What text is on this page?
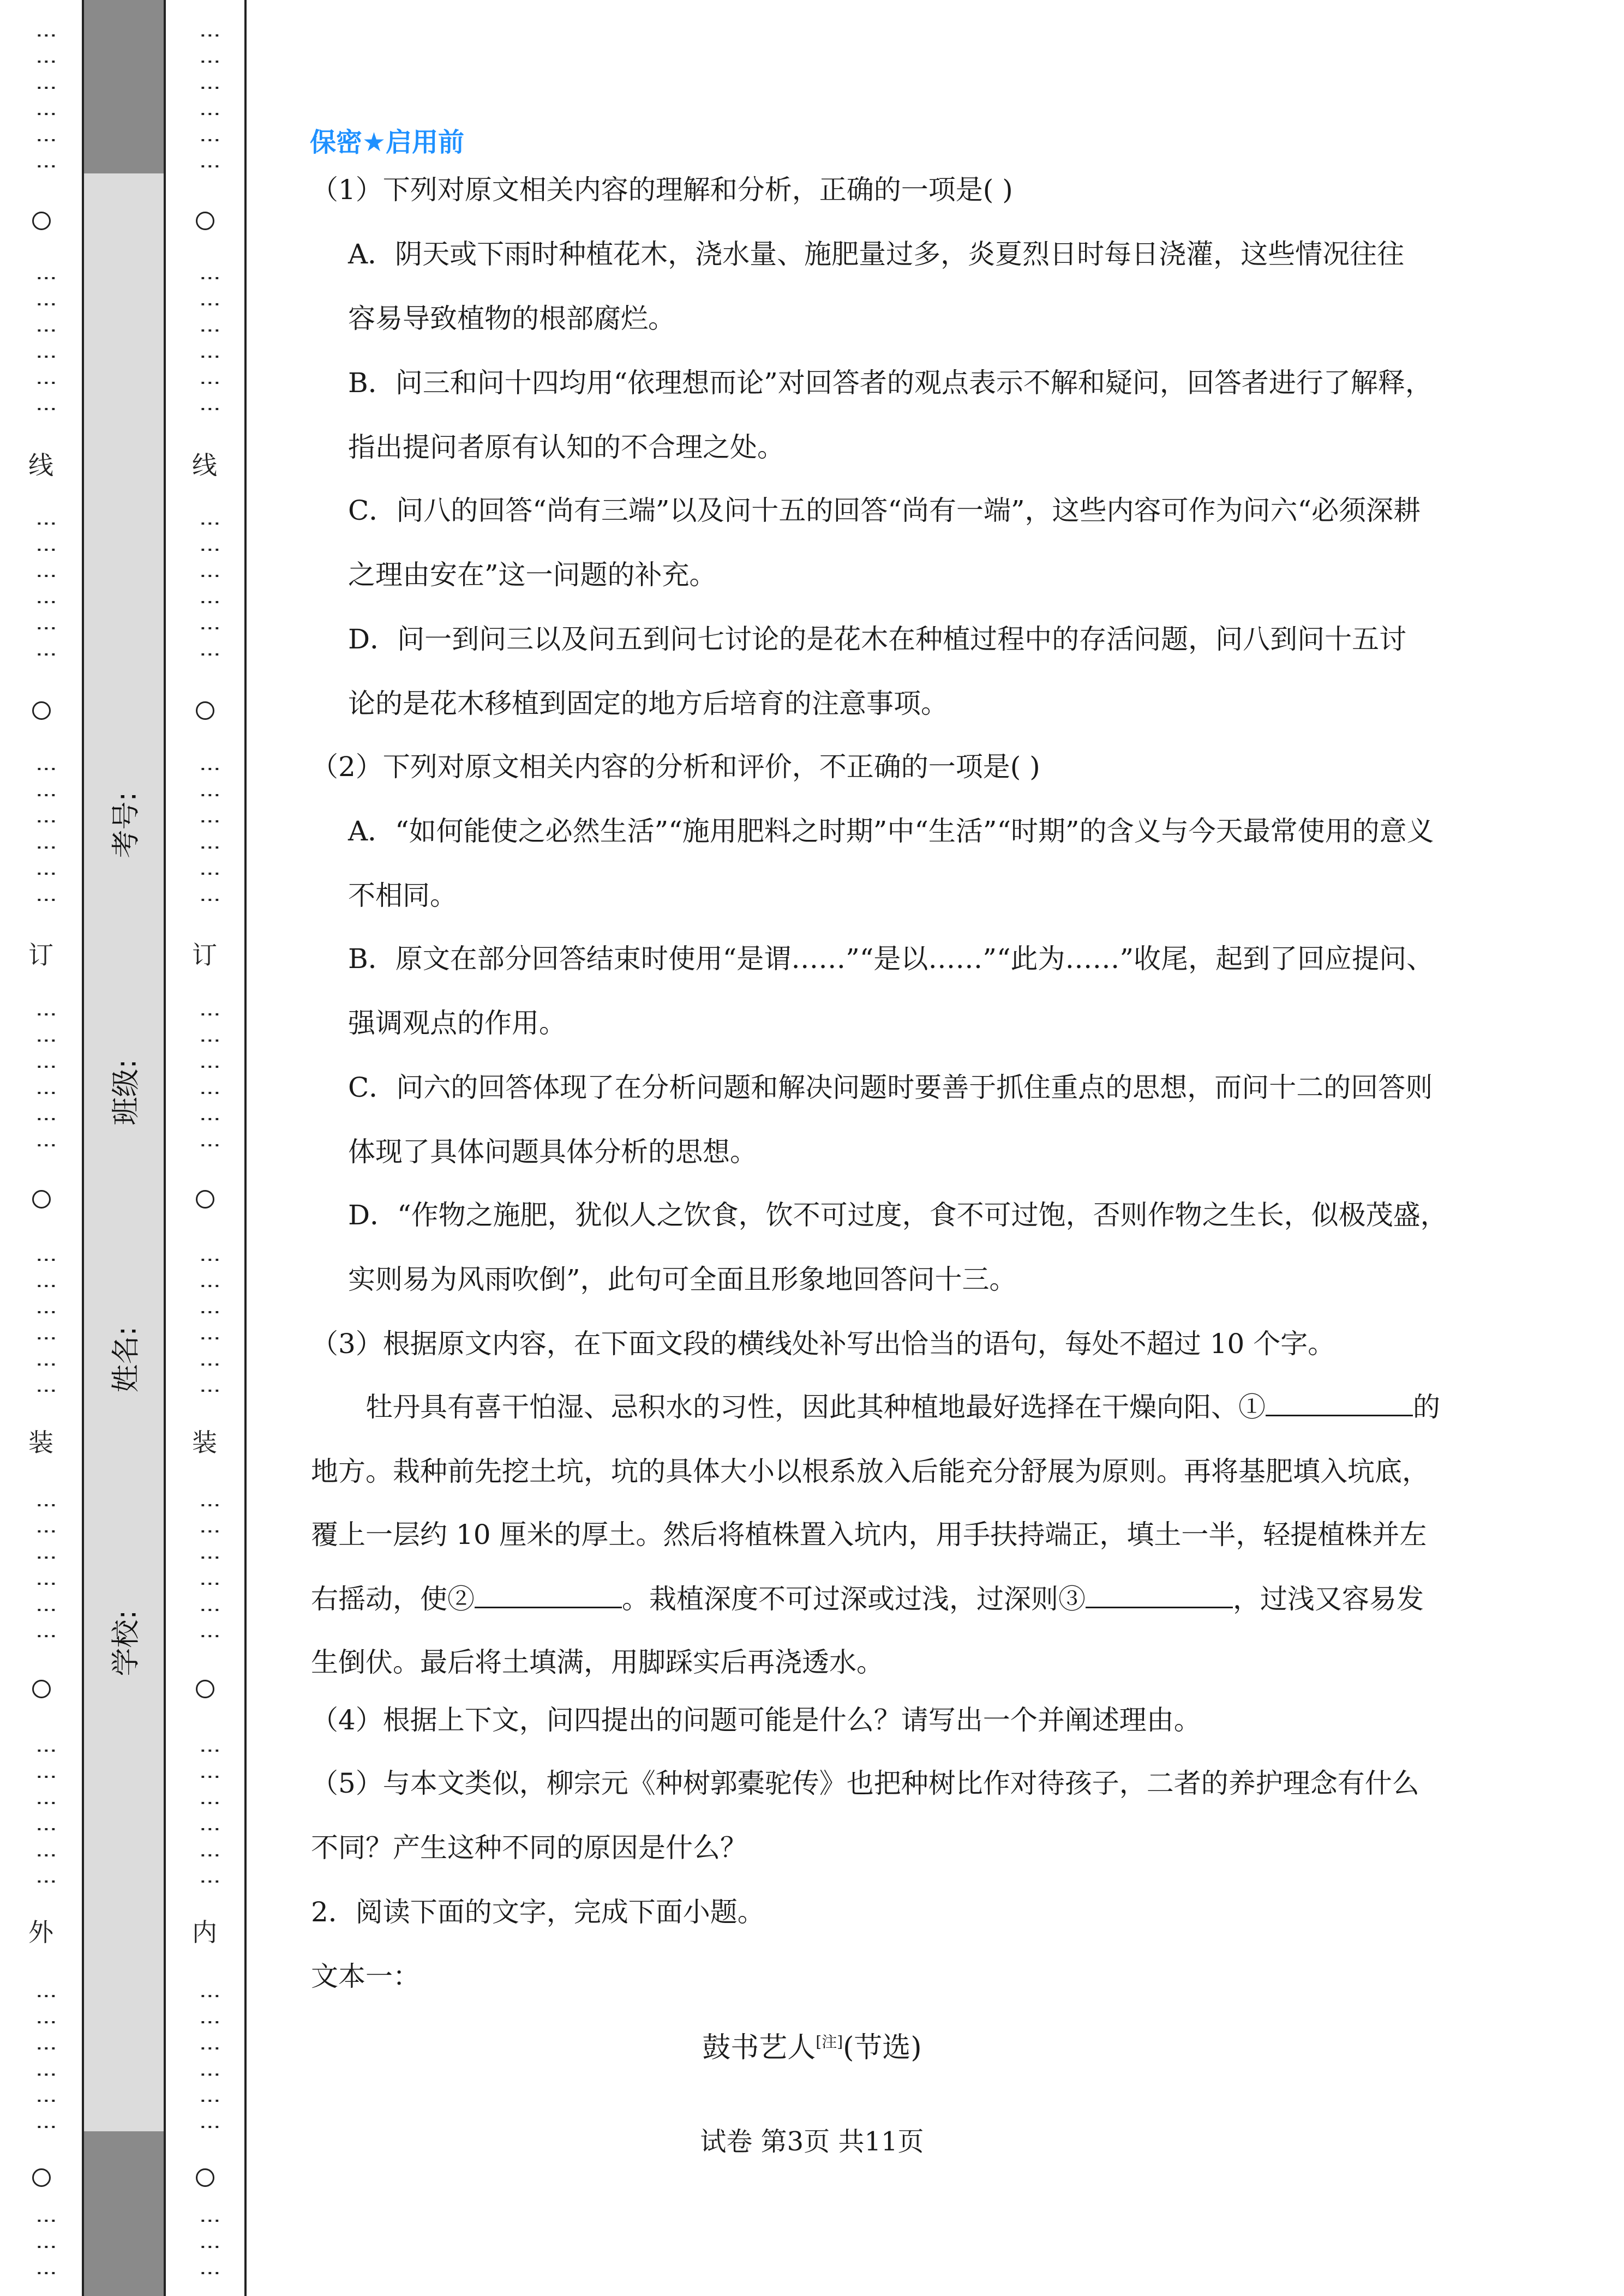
⋮⋮⋮⋮⋮⋮
⋮⋮⋮⋮⋮⋮
线
⋮⋮⋮⋮⋮⋮
⋮⋮⋮⋮⋮⋮
订
⋮⋮⋮⋮⋮⋮
⋮⋮⋮⋮⋮⋮
装
⋮⋮⋮⋮⋮⋮
⋮⋮⋮⋮⋮⋮
外
⋮⋮⋮⋮⋮⋮
⋮⋮⋮
⋮⋮⋮⋮⋮⋮
⋮⋮⋮⋮⋮⋮
线
⋮⋮⋮⋮⋮⋮
⋮⋮⋮⋮⋮⋮
订
⋮⋮⋮⋮⋮⋮
⋮⋮⋮⋮⋮⋮
装
⋮⋮⋮⋮⋮⋮
⋮⋮⋮⋮⋮⋮
内
⋮⋮⋮⋮⋮⋮
⋮⋮⋮
考号:
班级:
姓名:
学校:
保密★启用前
（1）下列对原文相关内容的理解和分析，正确的一项是( )
A．阴天或下雨时种植花木，浇水量、施肥量过多，炎夏烈日时每日浇灌，这些情况往往
容易导致植物的根部腐烂。
B．问三和问十四均用“依理想而论”对回答者的观点表示不解和疑问，回答者进行了解释，
指出提问者原有认知的不合理之处。
C．问八的回答“尚有三端”以及问十五的回答“尚有一端”，这些内容可作为问六“必须深耕
之理由安在”这一问题的补充。
D．问一到问三以及问五到问七讨论的是花木在种植过程中的存活问题，问八到问十五讨
论的是花木移植到固定的地方后培育的注意事项。
（2）下列对原文相关内容的分析和评价，不正确的一项是( )
A．“如何能使之必然生活”“施用肥料之时期”中“生活”“时期”的含义与今天最常使用的意义
不相同。
B．原文在部分回答结束时使用“是谓……”“是以……”“此为……”收尾，起到了回应提问、
强调观点的作用。
C．问六的回答体现了在分析问题和解决问题时要善于抓住重点的思想，而问十二的回答则
体现了具体问题具体分析的思想。
D．“作物之施肥，犹似人之饮食，饮不可过度，食不可过饱，否则作物之生长，似极茂盛，
实则易为风雨吹倒”，此句可全面且形象地回答问十三。
（3）根据原文内容，在下面文段的横线处补写出恰当的语句，每处不超过 10 个字。
牡丹具有喜干怕湿、忌积水的习性，因此其种植地最好选择在干燥向阳、①	的
地方。栽种前先挖土坑，坑的具体大小以根系放入后能充分舒展为原则。再将基肥填入坑底，
覆上一层约 10 厘米的厚土。然后将植株置入坑内，用手扶持端正，填土一半，轻提植株并左
右摇动，使②	。栽植深度不可过深或过浅，过深则③	，过浅又容易发
生倒伏。最后将土填满，用脚踩实后再浇透水。
（4）根据上下文，问四提出的问题可能是什么？请写出一个并阐述理由。
（5）与本文类似，柳宗元《种树郭橐驼传》也把种树比作对待孩子，二者的养护理念有什么
不同？产生这种不同的原因是什么？
2．阅读下面的文字，完成下面小题。
文本一：
鼓书艺人[注](节选)
试卷 第3页 共11页
